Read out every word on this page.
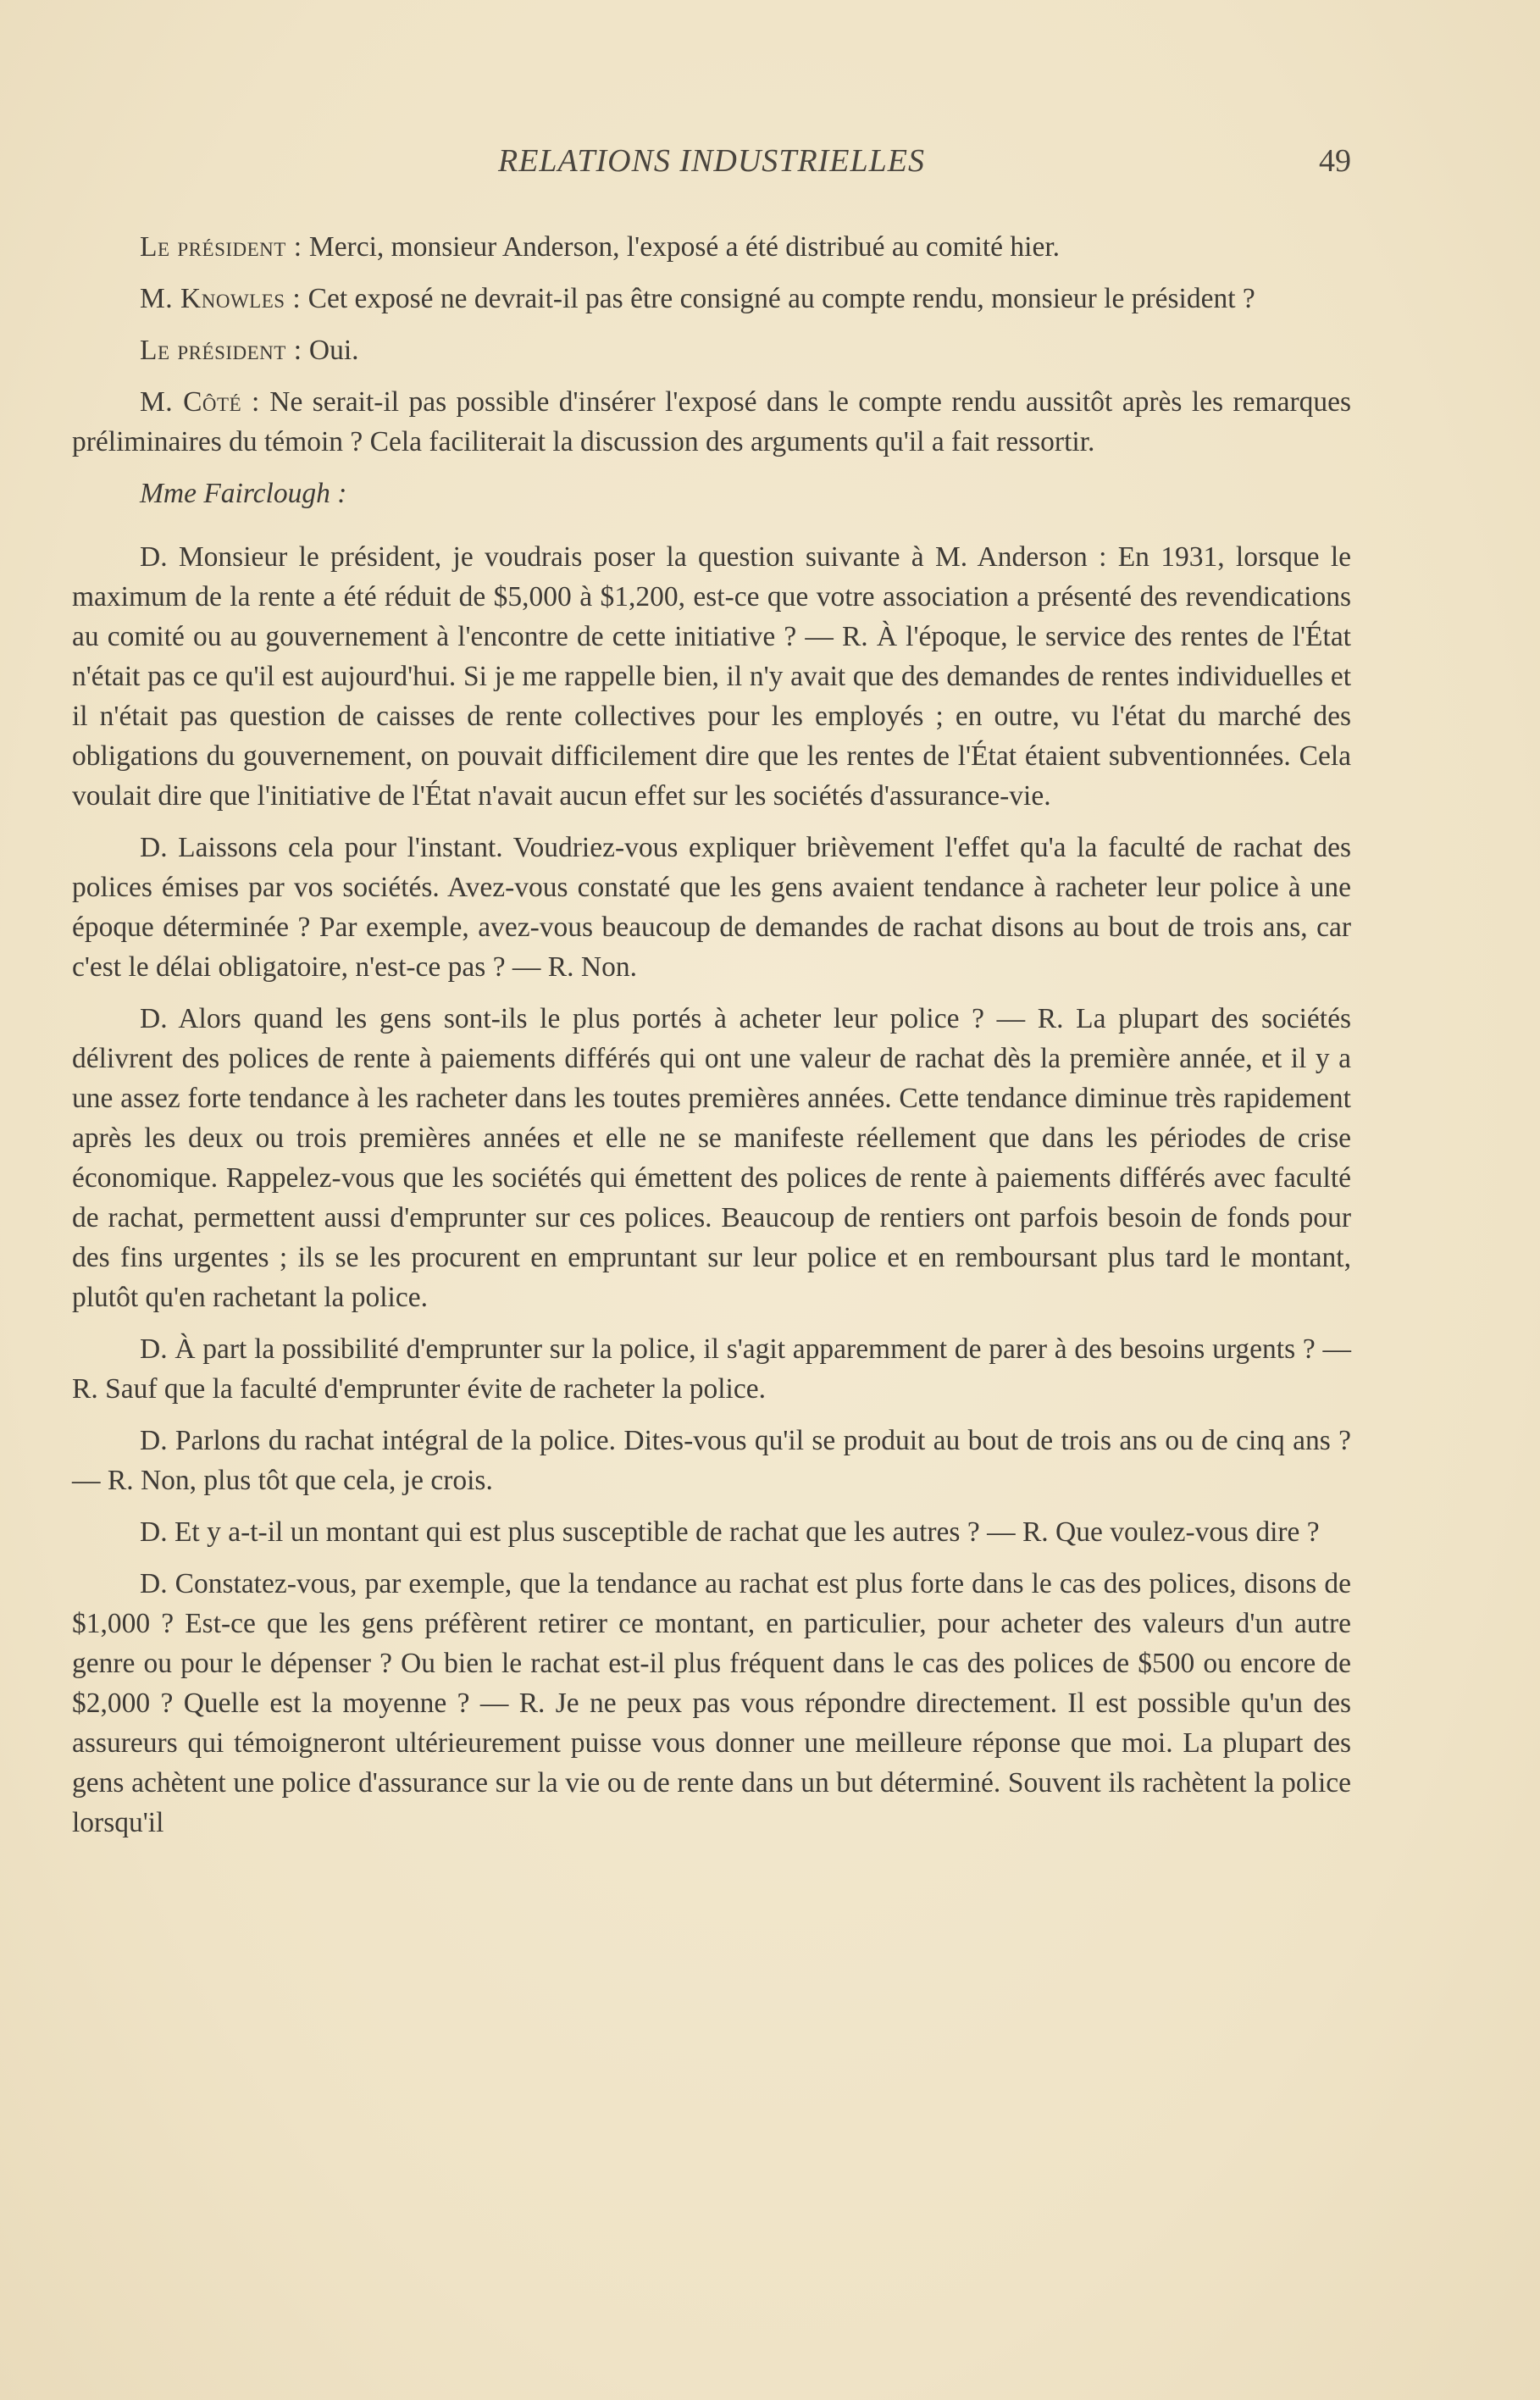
RELATIONS INDUSTRIELLES	49

Le président : Merci, monsieur Anderson, l'exposé a été distribué au comité hier.

M. Knowles : Cet exposé ne devrait-il pas être consigné au compte rendu, monsieur le président ?

Le président : Oui.

M. Côté : Ne serait-il pas possible d'insérer l'exposé dans le compte rendu aussitôt après les remarques préliminaires du témoin ? Cela faciliterait la discussion des arguments qu'il a fait ressortir.

Mme Fairclough :

D. Monsieur le président, je voudrais poser la question suivante à M. Anderson : En 1931, lorsque le maximum de la rente a été réduit de $5,000 à $1,200, est-ce que votre association a présenté des revendications au comité ou au gouvernement à l'encontre de cette initiative ? — R. À l'époque, le service des rentes de l'État n'était pas ce qu'il est aujourd'hui. Si je me rappelle bien, il n'y avait que des demandes de rentes individuelles et il n'était pas question de caisses de rente collectives pour les employés ; en outre, vu l'état du marché des obligations du gouvernement, on pouvait difficilement dire que les rentes de l'État étaient subventionnées. Cela voulait dire que l'initiative de l'État n'avait aucun effet sur les sociétés d'assurance-vie.

D. Laissons cela pour l'instant. Voudriez-vous expliquer brièvement l'effet qu'a la faculté de rachat des polices émises par vos sociétés. Avez-vous constaté que les gens avaient tendance à racheter leur police à une époque déterminée ? Par exemple, avez-vous beaucoup de demandes de rachat disons au bout de trois ans, car c'est le délai obligatoire, n'est-ce pas ? — R. Non.

D. Alors quand les gens sont-ils le plus portés à acheter leur police ? — R. La plupart des sociétés délivrent des polices de rente à paiements différés qui ont une valeur de rachat dès la première année, et il y a une assez forte tendance à les racheter dans les toutes premières années. Cette tendance diminue très rapidement après les deux ou trois premières années et elle ne se manifeste réellement que dans les périodes de crise économique. Rappelez-vous que les sociétés qui émettent des polices de rente à paiements différés avec faculté de rachat, permettent aussi d'emprunter sur ces polices. Beaucoup de rentiers ont parfois besoin de fonds pour des fins urgentes ; ils se les procurent en empruntant sur leur police et en remboursant plus tard le montant, plutôt qu'en rachetant la police.

D. À part la possibilité d'emprunter sur la police, il s'agit apparemment de parer à des besoins urgents ? — R. Sauf que la faculté d'emprunter évite de racheter la police.

D. Parlons du rachat intégral de la police. Dites-vous qu'il se produit au bout de trois ans ou de cinq ans ? — R. Non, plus tôt que cela, je crois.

D. Et y a-t-il un montant qui est plus susceptible de rachat que les autres ? — R. Que voulez-vous dire ?

D. Constatez-vous, par exemple, que la tendance au rachat est plus forte dans le cas des polices, disons de $1,000 ? Est-ce que les gens préfèrent retirer ce montant, en particulier, pour acheter des valeurs d'un autre genre ou pour le dépenser ? Ou bien le rachat est-il plus fréquent dans le cas des polices de $500 ou encore de $2,000 ? Quelle est la moyenne ? — R. Je ne peux pas vous répondre directement. Il est possible qu'un des assureurs qui témoigneront ultérieurement puisse vous donner une meilleure réponse que moi. La plupart des gens achètent une police d'assurance sur la vie ou de rente dans un but déterminé. Souvent ils rachètent la police lorsqu'il
